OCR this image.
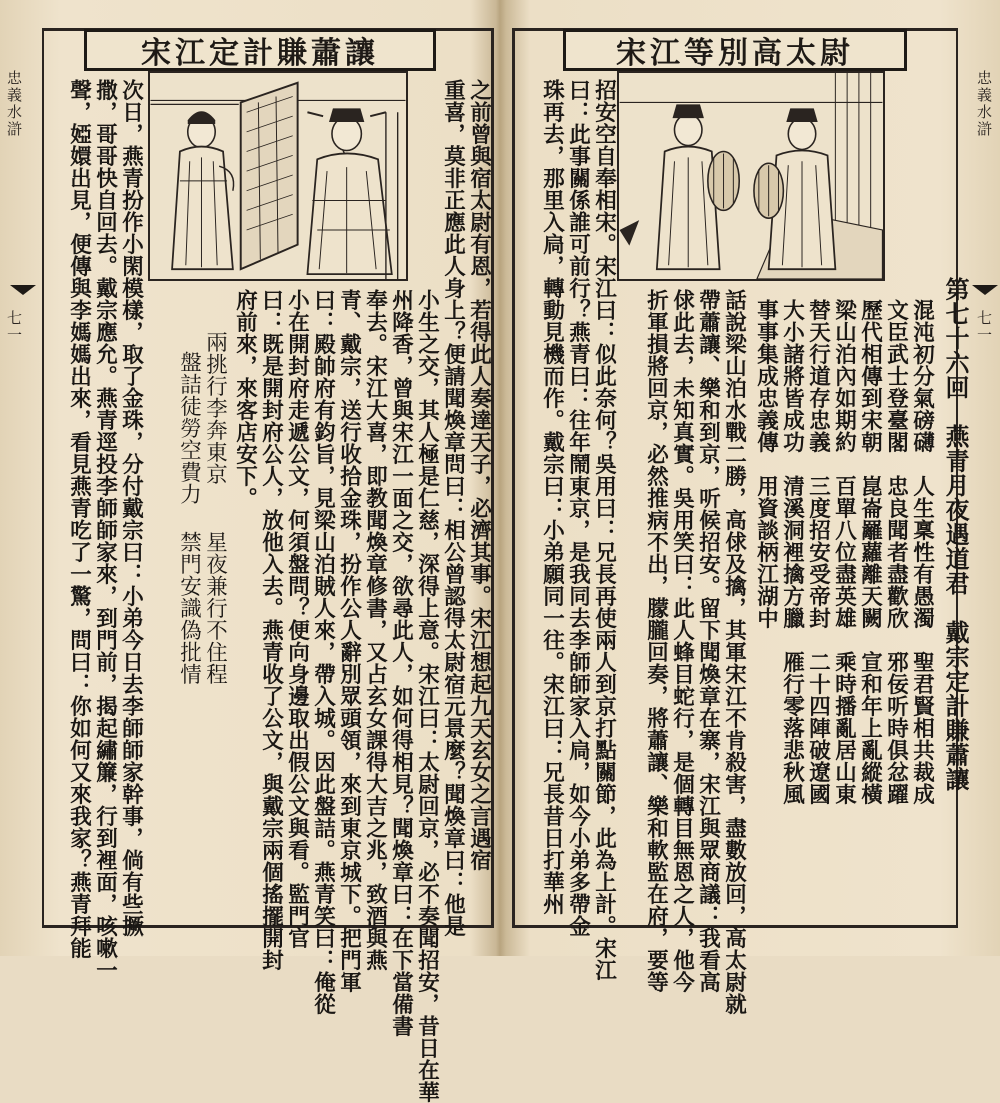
宋江定計賺蕭讓
之前曾與宿太尉有恩，若得此人奏達天子，必濟其事。宋江想起九天玄女之言遇宿
重喜，莫非正應此人身上？便請聞煥章問曰：相公曾認得太尉宿元景麼？聞煥章曰：他是
小生之交，其人極是仁慈，深得上意。宋江曰：太尉回京，必不奏聞招安，昔日在華
州降香，曾與宋江一面之交，欲尋此人，如何得相見？聞煥章曰：在下當備書
奉去。宋江大喜，即教聞煥章修書，又占玄女課得大吉之兆，致酒與燕
青、戴宗，送行收拾金珠，扮作公人辭別眾頭領，來到東京城下。把門軍
曰：殿帥府有鈞旨，見梁山泊賊人來，帶入城。因此盤詰。燕青笑曰：俺從
小在開封府走遞公文，何須盤問？便向身邊取出假公文與看。監門官
曰：既是開封府公人，放他入去。燕青收了公文，與戴宗兩個搖擺開封
府前來，來客店安下。
兩挑行李奔東京
盤詰徒勞空費力
星夜兼行不住程
禁門安識偽批情
次日，燕青扮作小閑模樣，取了金珠，分付戴宗曰：小弟今日去李師師家幹事，倘有些撅
撒，哥哥快自回去。戴宗應允。燕青逕投李師師家來，到門前，揭起繡簾，行到裡面，咳嗽一
聲，婭嬛出見，便傳與李媽媽出來，看見燕青吃了一驚，問曰：你如何又來我家？燕青拜能
忠義水滸
七一
宋江等別高太尉
第七十六回　燕青月夜遇道君　戴宗定計賺蕭讓
混沌初分氣磅礴　人生稟性有愚濁　聖君賢相共裁成
文臣武士登臺閣　忠良聞者盡歡欣　邪佞听時俱忿躍
歷代相傳到宋朝　崑崙䍦蘿離天闕　宣和年上亂縱橫
梁山泊內如期約　百單八位盡英雄　乘時播亂居山東
替天行道存忠義　三度招安受帝封　二十四陣破遼國
大小諸將皆成功　清溪洞裡擒方臘　雁行零落悲秋風
事事集成忠義傳　用資談柄江湖中
話說梁山泊水戰二勝，高俅及擒，其軍宋江不肯殺害，盡數放回，高太尉就
帶蕭讓、樂和到京，听候招安。留下聞煥章在寨，宋江與眾商議：我看高
俅此去，未知真實。吳用笑曰：此人蜂目蛇行，是個轉目無恩之人，他今
折軍損將回京，必然推病不出，朦朧回奏，將蕭讓、樂和軟監在府，要等
招安空自奉相宋。宋江曰：似此奈何？吳用曰：兄長再使兩人到京打點關節，此為上計。宋江
曰：此事關係誰可前行？燕青曰：往年鬧東京，是我同去李師師家入扃，如今小弟多帶金
珠再去，那里入扃，轉動見機而作。戴宗曰：小弟願同一往。宋江曰：兄長昔日打華州	忠義水滸
七一
